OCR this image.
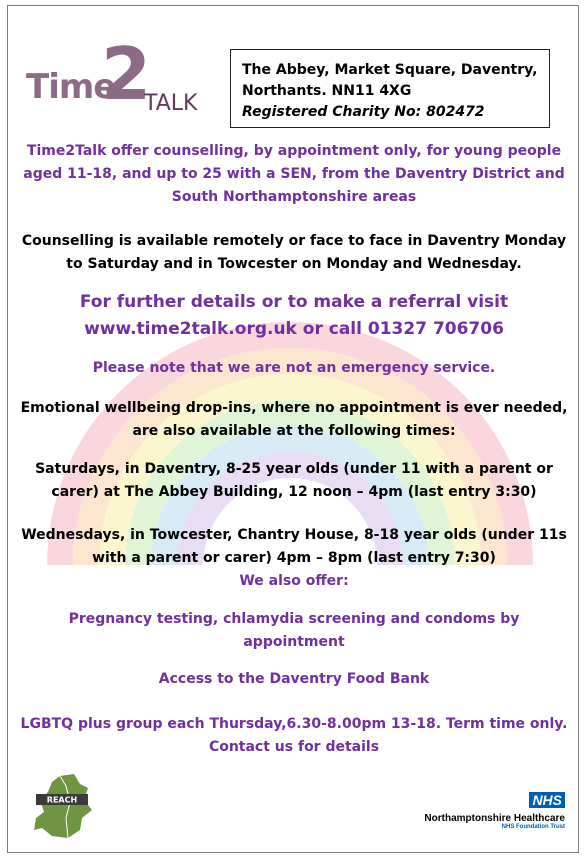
Time
2
TALK
The Abbey, Market Square, Daventry,
Northants. NN11 4XG
Registered Charity No: 802472
Time2Talk offer counselling, by appointment only, for young people aged 11-18, and up to 25 with a SEN, from the Daventry District and South Northamptonshire areas
Counselling is available remotely or face to face in Daventry Monday to Saturday and in Towcester on Monday and Wednesday.
For further details or to make a referral visit
www.time2talk.org.uk or call 01327 706706
Please note that we are not an emergency service.
Emotional wellbeing drop-ins, where no appointment is ever needed, are also available at the following times:
Saturdays, in Daventry, 8-25 year olds (under 11 with a parent or carer) at The Abbey Building, 12 noon – 4pm (last entry 3:30)
Wednesdays, in Towcester, Chantry House, 8-18 year olds (under 11s with a parent or carer) 4pm – 8pm (last entry 7:30)
We also offer:
Pregnancy testing, chlamydia screening and condoms by appointment
Access to the Daventry Food Bank
LGBTQ plus group each Thursday,6.30-8.00pm 13-18. Term time only.
Contact us for details
REACH	NHS
Northamptonshire Healthcare
NHS Foundation Trust
